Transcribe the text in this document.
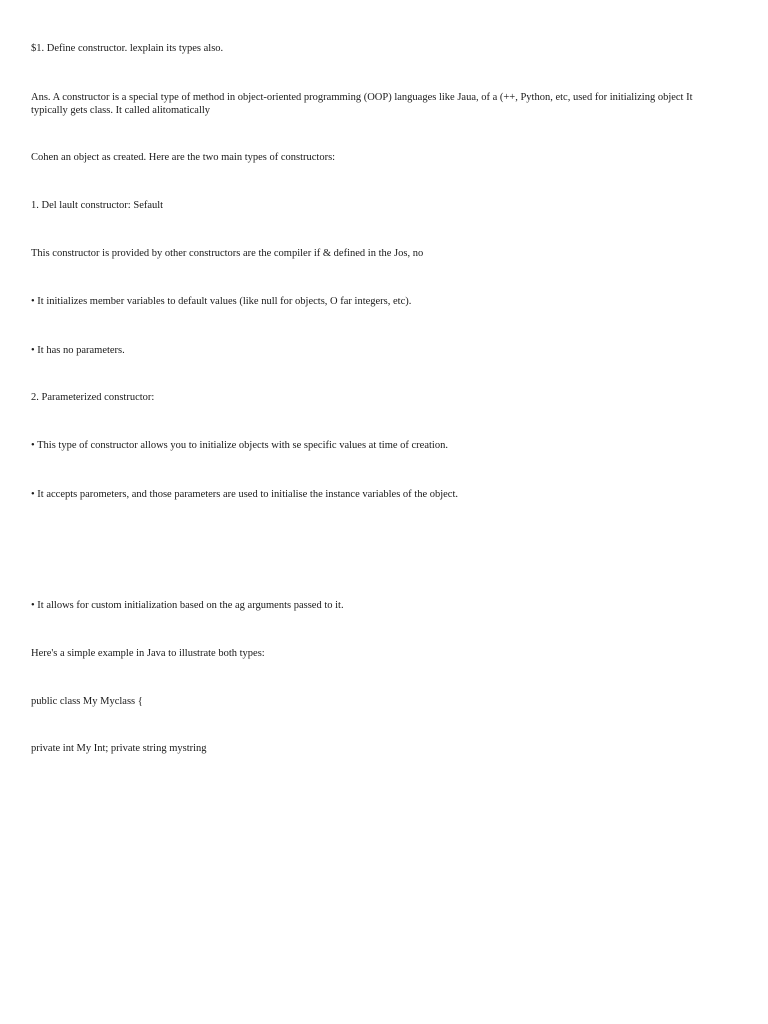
$1. Define constructor. lexplain its types also.

Ans. A constructor is a special type of method in object-oriented programming (OOP) languages like Jaua, of a (++, Python, etc, used for initializing object It typically gets class. It called alitomatically

Cohen an object as created. Here are the two main types of constructors:

1. Del lault constructor: Sefault

This constructor is provided by other constructors are the compiler if & defined in the Jos, no

• It initializes member variables to default values (like null for objects, O far integers, etc).

• It has no parameters.

2. Parameterized constructor:

• This type of constructor allows you to initialize objects with se specific values at time of creation.

• It accepts parometers, and those parameters are used to initialise the instance variables of the object.

• It allows for custom initialization based on the ag arguments passed to it.

Here's a simple example in Java to illustrate both types:

public class My Myclass {

private int My Int; private string mystring
